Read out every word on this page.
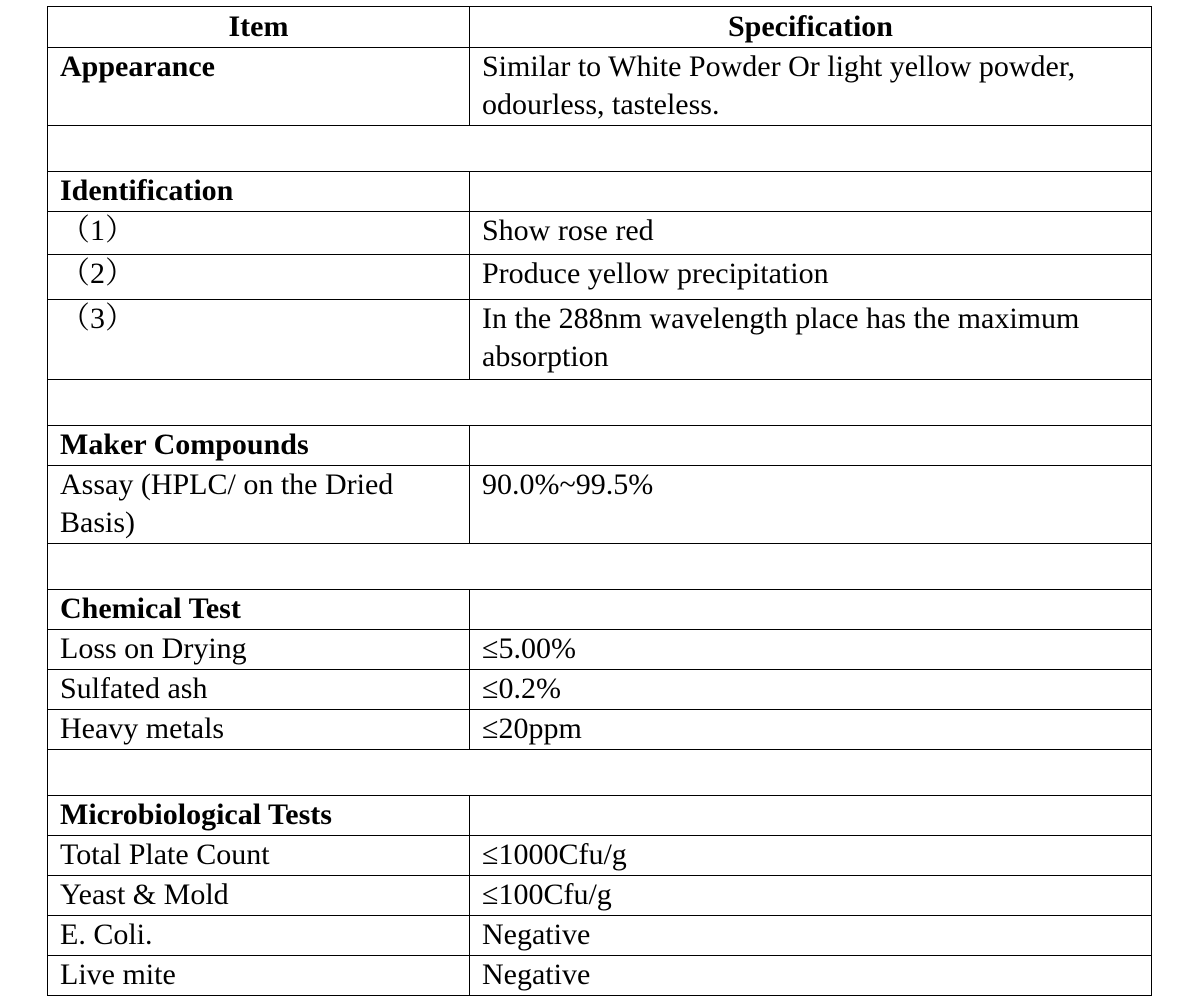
Item	Specification
Appearance	Similar to White Powder Or light yellow powder, odourless, tasteless.

Identification	
（1）	Show rose red
（2）	Produce yellow precipitation
（3）	In the 288nm wavelength place has the maximum absorption

Maker Compounds	
Assay (HPLC/ on the Dried Basis)	90.0%~99.5%

Chemical Test	
Loss on Drying	≤5.00%
Sulfated ash	≤0.2%
Heavy metals	≤20ppm

Microbiological Tests	
Total Plate Count	≤1000Cfu/g
Yeast & Mold	≤100Cfu/g
E. Coli.	Negative
Live mite	Negative
